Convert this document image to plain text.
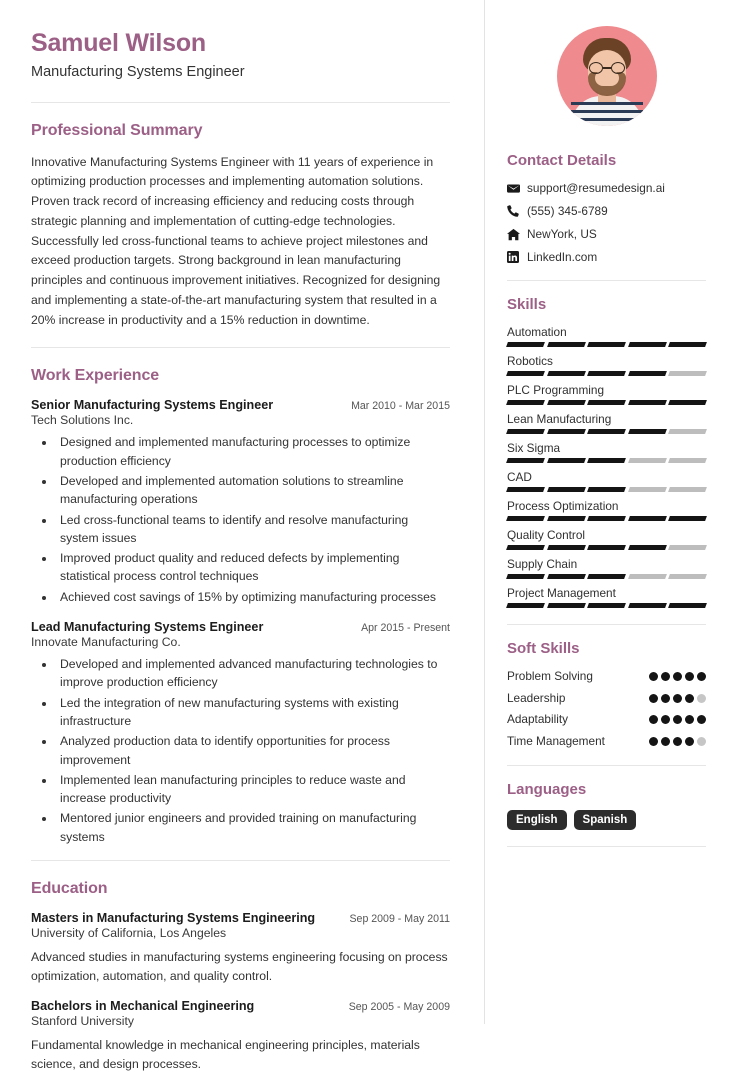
Samuel Wilson
Manufacturing Systems Engineer
Professional Summary

Innovative Manufacturing Systems Engineer with 11 years of experience in optimizing production processes and implementing automation solutions. Proven track record of increasing efficiency and reducing costs through strategic planning and implementation of cutting-edge technologies. Successfully led cross-functional teams to achieve project milestones and exceed production targets. Strong background in lean manufacturing principles and continuous improvement initiatives. Recognized for designing and implementing a state-of-the-art manufacturing system that resulted in a 20% increase in productivity and a 15% reduction in downtime.

Work Experience
Senior Manufacturing Systems Engineer	Mar 2010 - Mar 2015
Tech Solutions Inc.
• Designed and implemented manufacturing processes to optimize production efficiency
• Developed and implemented automation solutions to streamline manufacturing operations
• Led cross-functional teams to identify and resolve manufacturing system issues
• Improved product quality and reduced defects by implementing statistical process control techniques
• Achieved cost savings of 15% by optimizing manufacturing processes
Lead Manufacturing Systems Engineer	Apr 2015 - Present
Innovate Manufacturing Co.
• Developed and implemented advanced manufacturing technologies to improve production efficiency
• Led the integration of new manufacturing systems with existing infrastructure
• Analyzed production data to identify opportunities for process improvement
• Implemented lean manufacturing principles to reduce waste and increase productivity
• Mentored junior engineers and provided training on manufacturing systems
Education
Masters in Manufacturing Systems Engineering	Sep 2009 - May 2011
University of California, Los Angeles

Advanced studies in manufacturing systems engineering focusing on process optimization, automation, and quality control.

Bachelors in Mechanical Engineering	Sep 2005 - May 2009
Stanford University

Fundamental knowledge in mechanical engineering principles, materials science, and design processes.

Contact Details
support@resumedesign.ai
(555) 345-6789
NewYork, US
LinkedIn.com
Skills
Automation
Robotics
PLC Programming
Lean Manufacturing
Six Sigma
CAD
Process Optimization
Quality Control
Supply Chain
Project Management
Soft Skills
Problem Solving
Leadership
Adaptability
Time Management
Languages
English	Spanish
